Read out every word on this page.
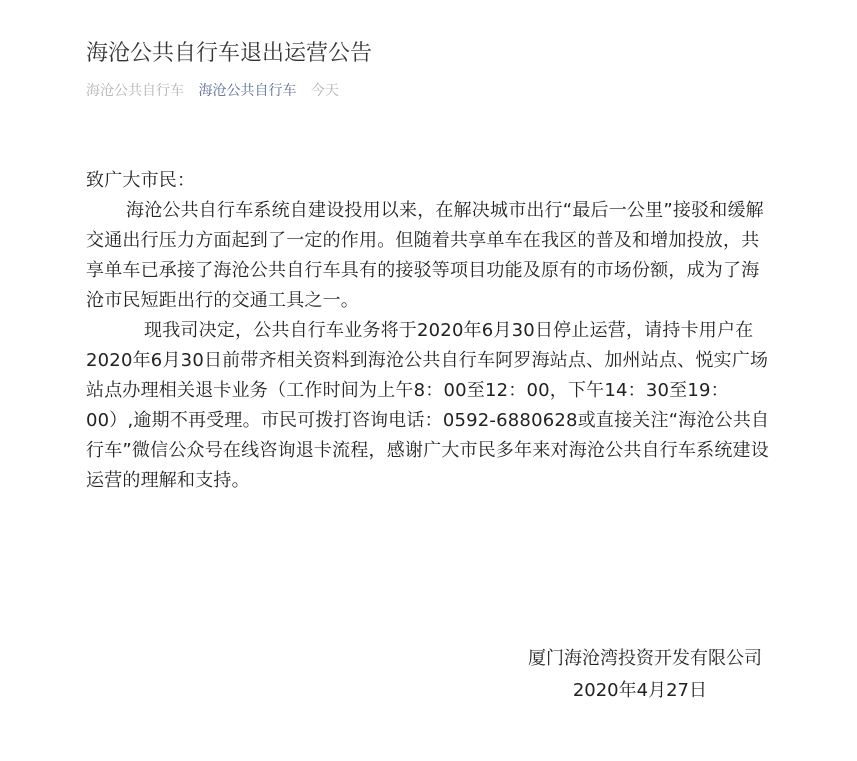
海沧公共自行车退出运营公告
海沧公共自行车 海沧公共自行车 今天

致广大市民：

海沧公共自行车系统自建设投用以来，在解决城市出行“最后一公里”接驳和缓解交通出行压力方面起到了一定的作用。但随着共享单车在我区的普及和增加投放，共享单车已承接了海沧公共自行车具有的接驳等项目功能及原有的市场份额，成为了海沧市民短距出行的交通工具之一。

现我司决定，公共自行车业务将于2020年6月30日停止运营，请持卡用户在2020年6月30日前带齐相关资料到海沧公共自行车阿罗海站点、加州站点、悦实广场站点办理相关退卡业务（工作时间为上午8：00至12：00，下午14：30至19：00）,逾期不再受理。市民可拨打咨询电话：0592-6880628或直接关注“海沧公共自行车”微信公众号在线咨询退卡流程，感谢广大市民多年来对海沧公共自行车系统建设运营的理解和支持。

厦门海沧湾投资开发有限公司
2020年4月27日
